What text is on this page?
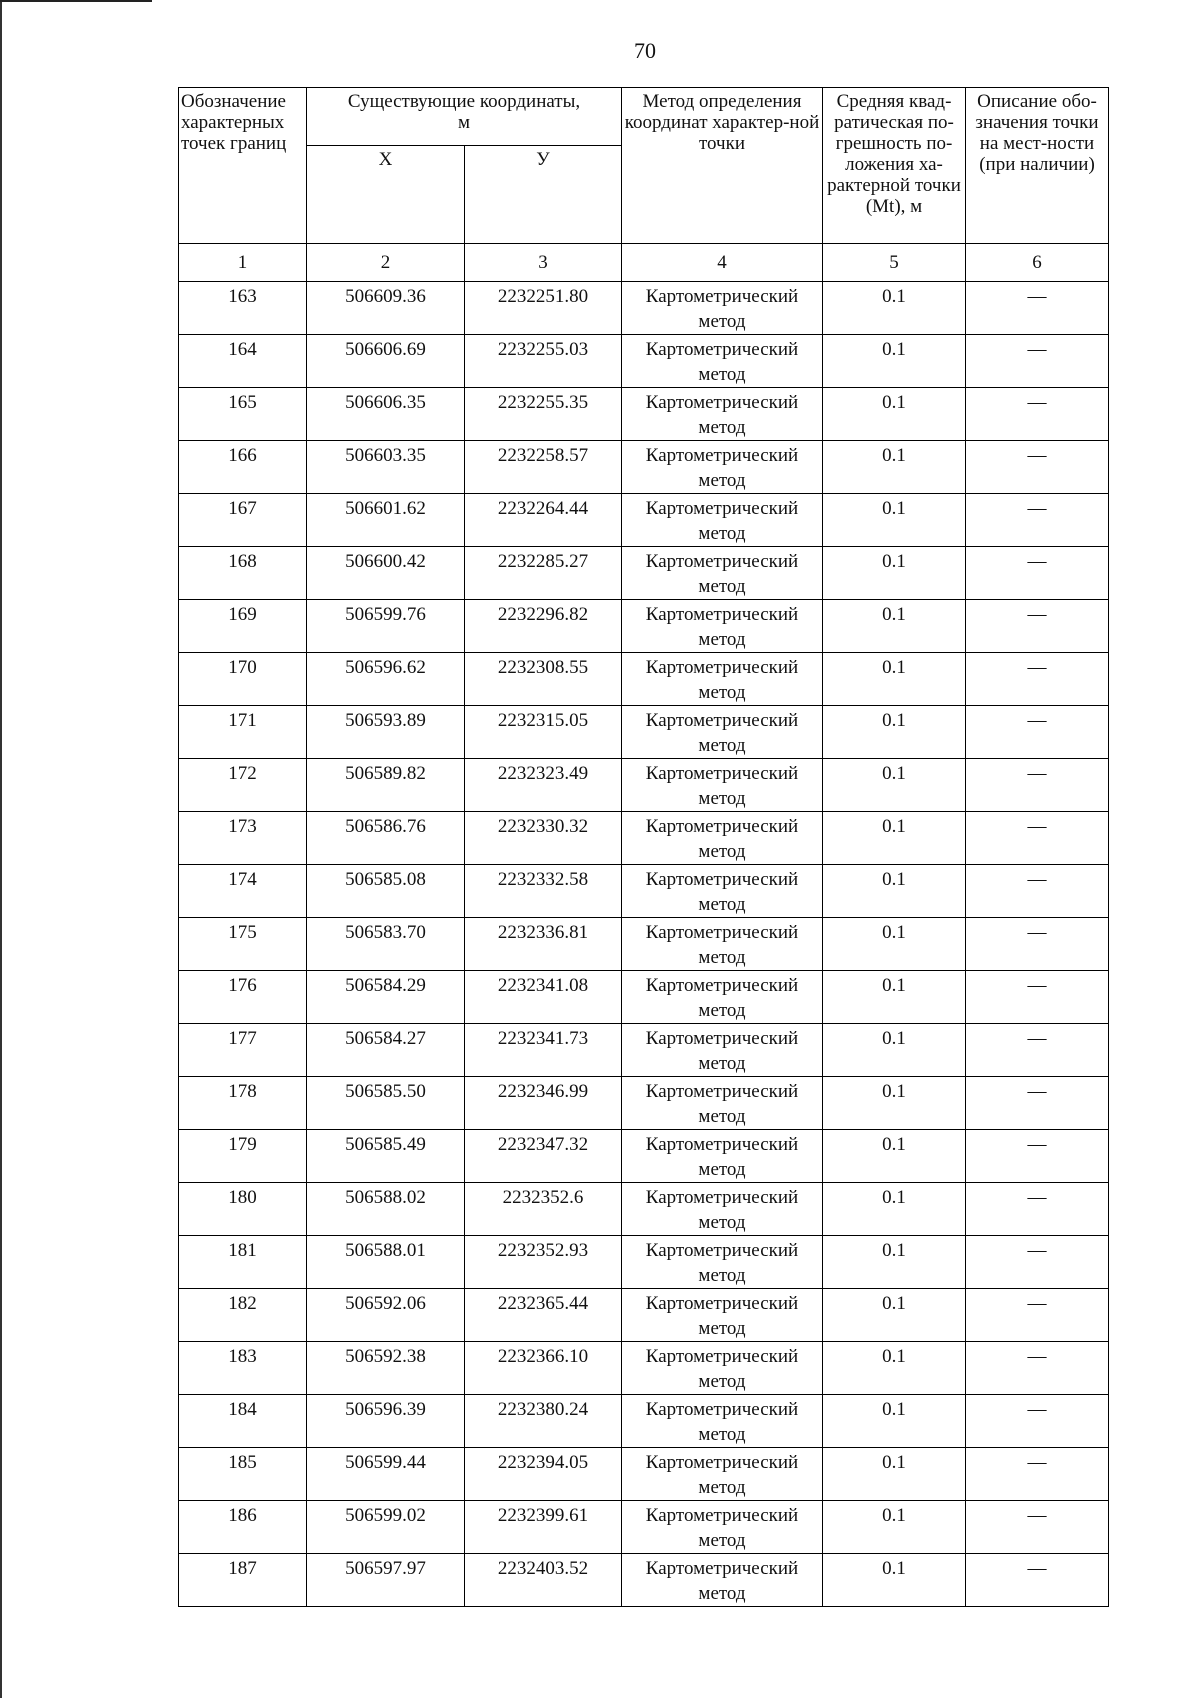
70
Обозначение характерных точек границ	Существующие координаты, м		Метод определения координат характер-ной точки	Средняя квад-ратическая по-грешность по-ложения ха-рактерной точки (Mt), м	Описание обо-значения точки на мест-ности (при наличии)
	X	У			
1	2	3	4	5	6
163	506609.36	2232251.80	Картометрический метод	0.1	—
164	506606.69	2232255.03	Картометрический метод	0.1	—
165	506606.35	2232255.35	Картометрический метод	0.1	—
166	506603.35	2232258.57	Картометрический метод	0.1	—
167	506601.62	2232264.44	Картометрический метод	0.1	—
168	506600.42	2232285.27	Картометрический метод	0.1	—
169	506599.76	2232296.82	Картометрический метод	0.1	—
170	506596.62	2232308.55	Картометрический метод	0.1	—
171	506593.89	2232315.05	Картометрический метод	0.1	—
172	506589.82	2232323.49	Картометрический метод	0.1	—
173	506586.76	2232330.32	Картометрический метод	0.1	—
174	506585.08	2232332.58	Картометрический метод	0.1	—
175	506583.70	2232336.81	Картометрический метод	0.1	—
176	506584.29	2232341.08	Картометрический метод	0.1	—
177	506584.27	2232341.73	Картометрический метод	0.1	—
178	506585.50	2232346.99	Картометрический метод	0.1	—
179	506585.49	2232347.32	Картометрический метод	0.1	—
180	506588.02	2232352.6	Картометрический метод	0.1	—
181	506588.01	2232352.93	Картометрический метод	0.1	—
182	506592.06	2232365.44	Картометрический метод	0.1	—
183	506592.38	2232366.10	Картометрический метод	0.1	—
184	506596.39	2232380.24	Картометрический метод	0.1	—
185	506599.44	2232394.05	Картометрический метод	0.1	—
186	506599.02	2232399.61	Картометрический метод	0.1	—
187	506597.97	2232403.52	Картометрический метод	0.1	—
